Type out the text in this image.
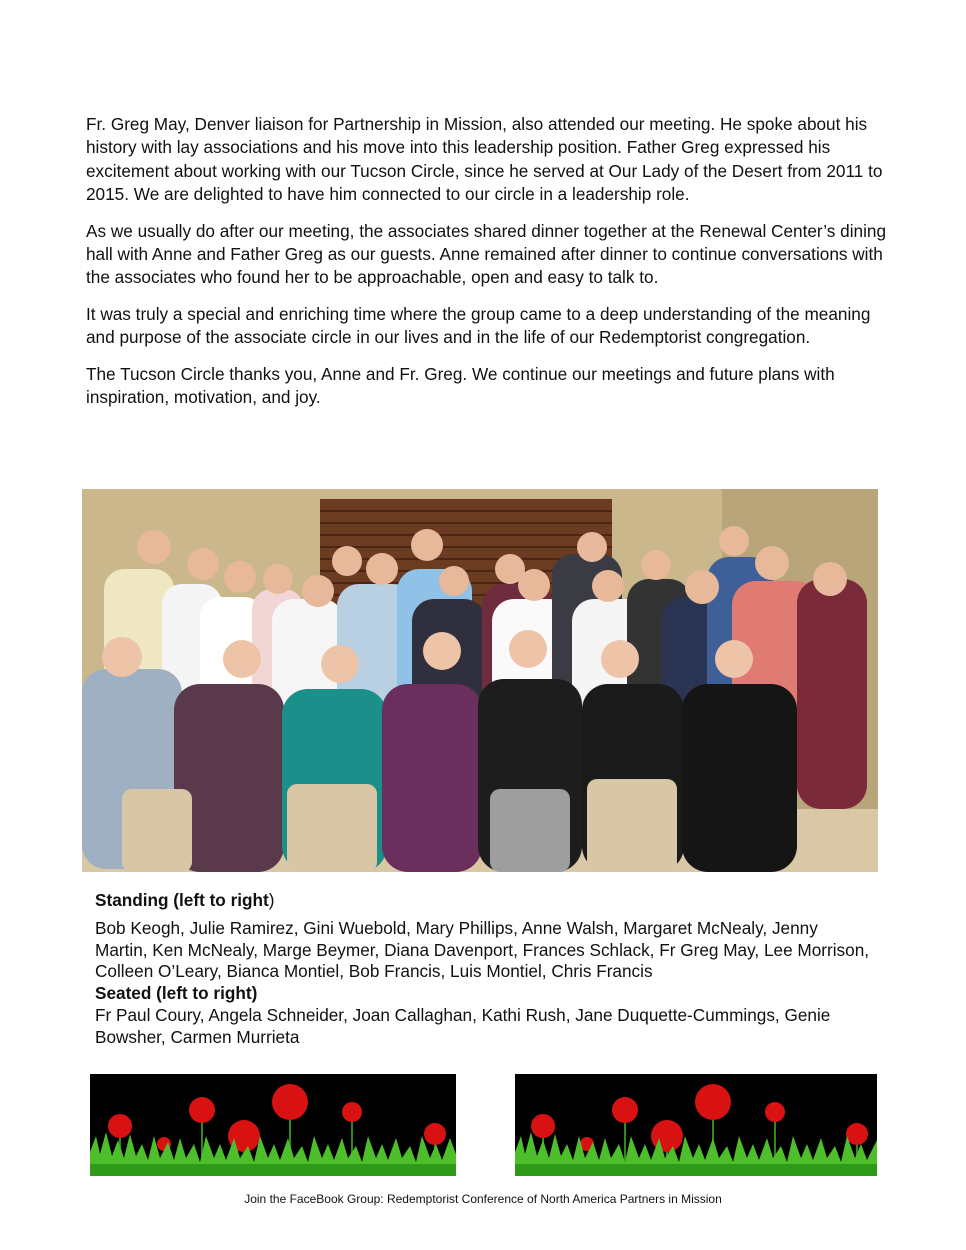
Fr. Greg May, Denver liaison for Partnership in Mission, also attended our meeting. He spoke about his history with lay associations and his move into this leadership position. Father Greg expressed his excitement about working with our Tucson Circle, since he served at Our Lady of the Desert from 2011 to 2015. We are delighted to have him connected to our circle in a leadership role.

As we usually do after our meeting, the associates shared dinner together at the Renewal Center’s dining hall with Anne and Father Greg as our guests. Anne remained after dinner to continue conversations with the associates who found her to be approachable, open and easy to talk to.

It was truly a special and enriching time where the group came to a deep understanding of the meaning and purpose of the associate circle in our lives and in the life of our Redemptorist congregation.

The Tucson Circle thanks you, Anne and Fr. Greg. We continue our meetings and future plans with inspiration, motivation, and joy.

Standing (left to right)

Bob Keogh, Julie Ramirez, Gini Wuebold, Mary Phillips, Anne Walsh, Margaret McNealy, Jenny Martin, Ken McNealy, Marge Beymer, Diana Davenport, Frances Schlack, Fr Greg May, Lee Morrison, Colleen O’Leary, Bianca Montiel, Bob Francis, Luis Montiel, Chris Francis

Seated (left to right)

Fr Paul Coury, Angela Schneider, Joan Callaghan, Kathi Rush, Jane Duquette-Cummings, Genie Bowsher, Carmen Murrieta

Join the FaceBook Group: Redemptorist Conference of North America Partners in Mission
